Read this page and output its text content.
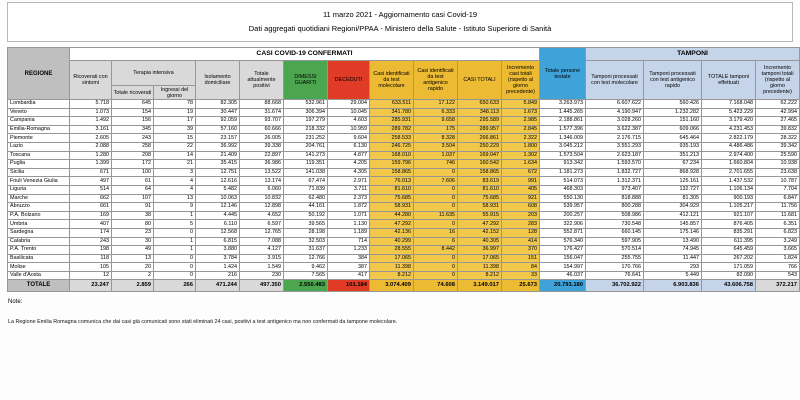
11 marzo 2021 - Aggiornamento casi Covid-19
Dati aggregati quotidiani Regioni/PPAA - Ministero della Salute - Istituto Superiore di Sanità
REGIONE	CASI COVID-19 CONFERMATI											Totale persone testate	TAMPONI			
	Ricoverati con sintomi	Terapia intensiva		Isolamento domiciliare	Totale attualmente positivi	DIMESSI GUARITI	DECEDUTI	Casi identificati da test molecolare	Casi identificati da test antigenico rapido	CASI TOTALI	Incremento casi totali (rispetto al giorno precedente)		Tamponi processati con test molecolare	Tamponi processati con test antigenico rapido	TOTALE tamponi effettuati	Incremento tamponi totali (rispetto al giorno precedente)
		Totale ricoverati	Ingressi del giorno													
Lombardia	5.718	645	78	82.305	88.668	532.961	29.004	633.511	17.122	650.633	5.849	3.263.973	6.607.622	560.426	7.168.048	62.222
Veneto	1.073	154	19	30.447	31.674	306.394	10.045	341.780	6.333	348.113	1.673	1.445.265	4.190.947	1.232.282	5.423.229	42.994
Campania	1.492	156	17	92.059	93.707	197.279	4.603	285.931	9.658	295.589	2.985	2.188.861	3.028.260	151.160	3.179.420	27.465
Emilia-Romagna	3.161	345	39	57.160	60.666	218.332	10.959	289.782	175	289.957	2.845	1.577.396	3.622.387	609.066	4.231.453	39.832
Piemonte	2.605	243	15	23.157	26.005	231.252	9.604	258.533	8.328	266.861	2.322	1.346.009	2.176.715	645.464	2.822.179	28.322
Lazio	2.088	258	22	36.992	39.338	204.761	6.130	246.725	3.504	250.229	1.800	3.045.212	3.551.293	935.193	4.486.486	39.342
Toscana	1.280	208	14	21.409	22.897	141.273	4.877	168.010	1.037	169.047	1.302	1.573.504	2.623.187	351.213	2.974.400	25.590
Puglia	1.399	172	21	35.415	36.986	119.351	4.205	159.796	746	160.542	1.634	913.342	1.593.570	67.234	1.660.804	10.938
Sicilia	671	100	3	12.751	13.522	141.038	4.305	158.865	0	158.865	672	1.181.273	1.832.727	868.928	2.701.655	23.638
Friuli Venezia Giulia	497	61	4	12.616	13.174	67.474	2.971	76.013	7.606	83.619	991	514.073	1.312.371	125.161	1.437.532	10.787
Liguria	514	64	4	5.482	6.060	71.839	3.711	81.610	0	81.610	405	468.303	973.407	132.727	1.106.134	7.704
Marche	662	107	13	10.063	10.832	62.480	2.373	75.685	0	75.685	921	550.130	818.888	81.305	900.193	6.847
Abruzzo	661	91	9	12.146	12.898	44.161	1.872	58.931	0	58.931	608	539.957	800.288	304.929	1.105.217	11.756
P.A. Bolzano	169	38	1	4.445	4.652	50.192	1.071	44.280	11.635	55.915	203	200.257	508.986	412.121	921.107	11.681
Umbria	407	80	5	6.110	6.597	39.565	1.130	47.292	0	47.292	283	322.906	730.548	145.857	876.405	6.351
Sardegna	174	23	0	12.568	12.765	28.198	1.189	42.136	16	42.152	128	552.871	660.145	175.146	835.291	6.823
Calabria	243	30	1	6.815	7.088	32.503	714	40.299	6	40.305	414	576.340	597.905	13.490	611.395	3.249
P.A. Trento	198	49	1	3.880	4.127	31.637	1.233	28.555	8.442	36.997	370	176.427	570.514	74.945	645.459	3.665
Basilicata	118	13	0	3.784	3.915	12.766	384	17.065	0	17.065	151	156.047	255.755	11.447	267.202	1.824
Molise	105	20	0	1.424	1.549	9.462	387	11.398	0	11.398	84	154.997	170.766	293	171.059	766
Valle d'Aosta	12	2	0	216	230	7.565	417	8.212	0	8.212	33	46.037	76.641	5.449	82.090	543
TOTALE	23.247	2.859	266	471.244	497.350	2.550.483	101.184	3.074.409	74.608	3.149.017	25.673	20.793.180	36.702.922	6.903.836	43.606.758	372.217
Note:
La Regione Emilia Romagna comunica che dai casi già comunicati sono stati eliminati 24 casi, positivi a test antigenico ma non confermati da tampone molecolare.
